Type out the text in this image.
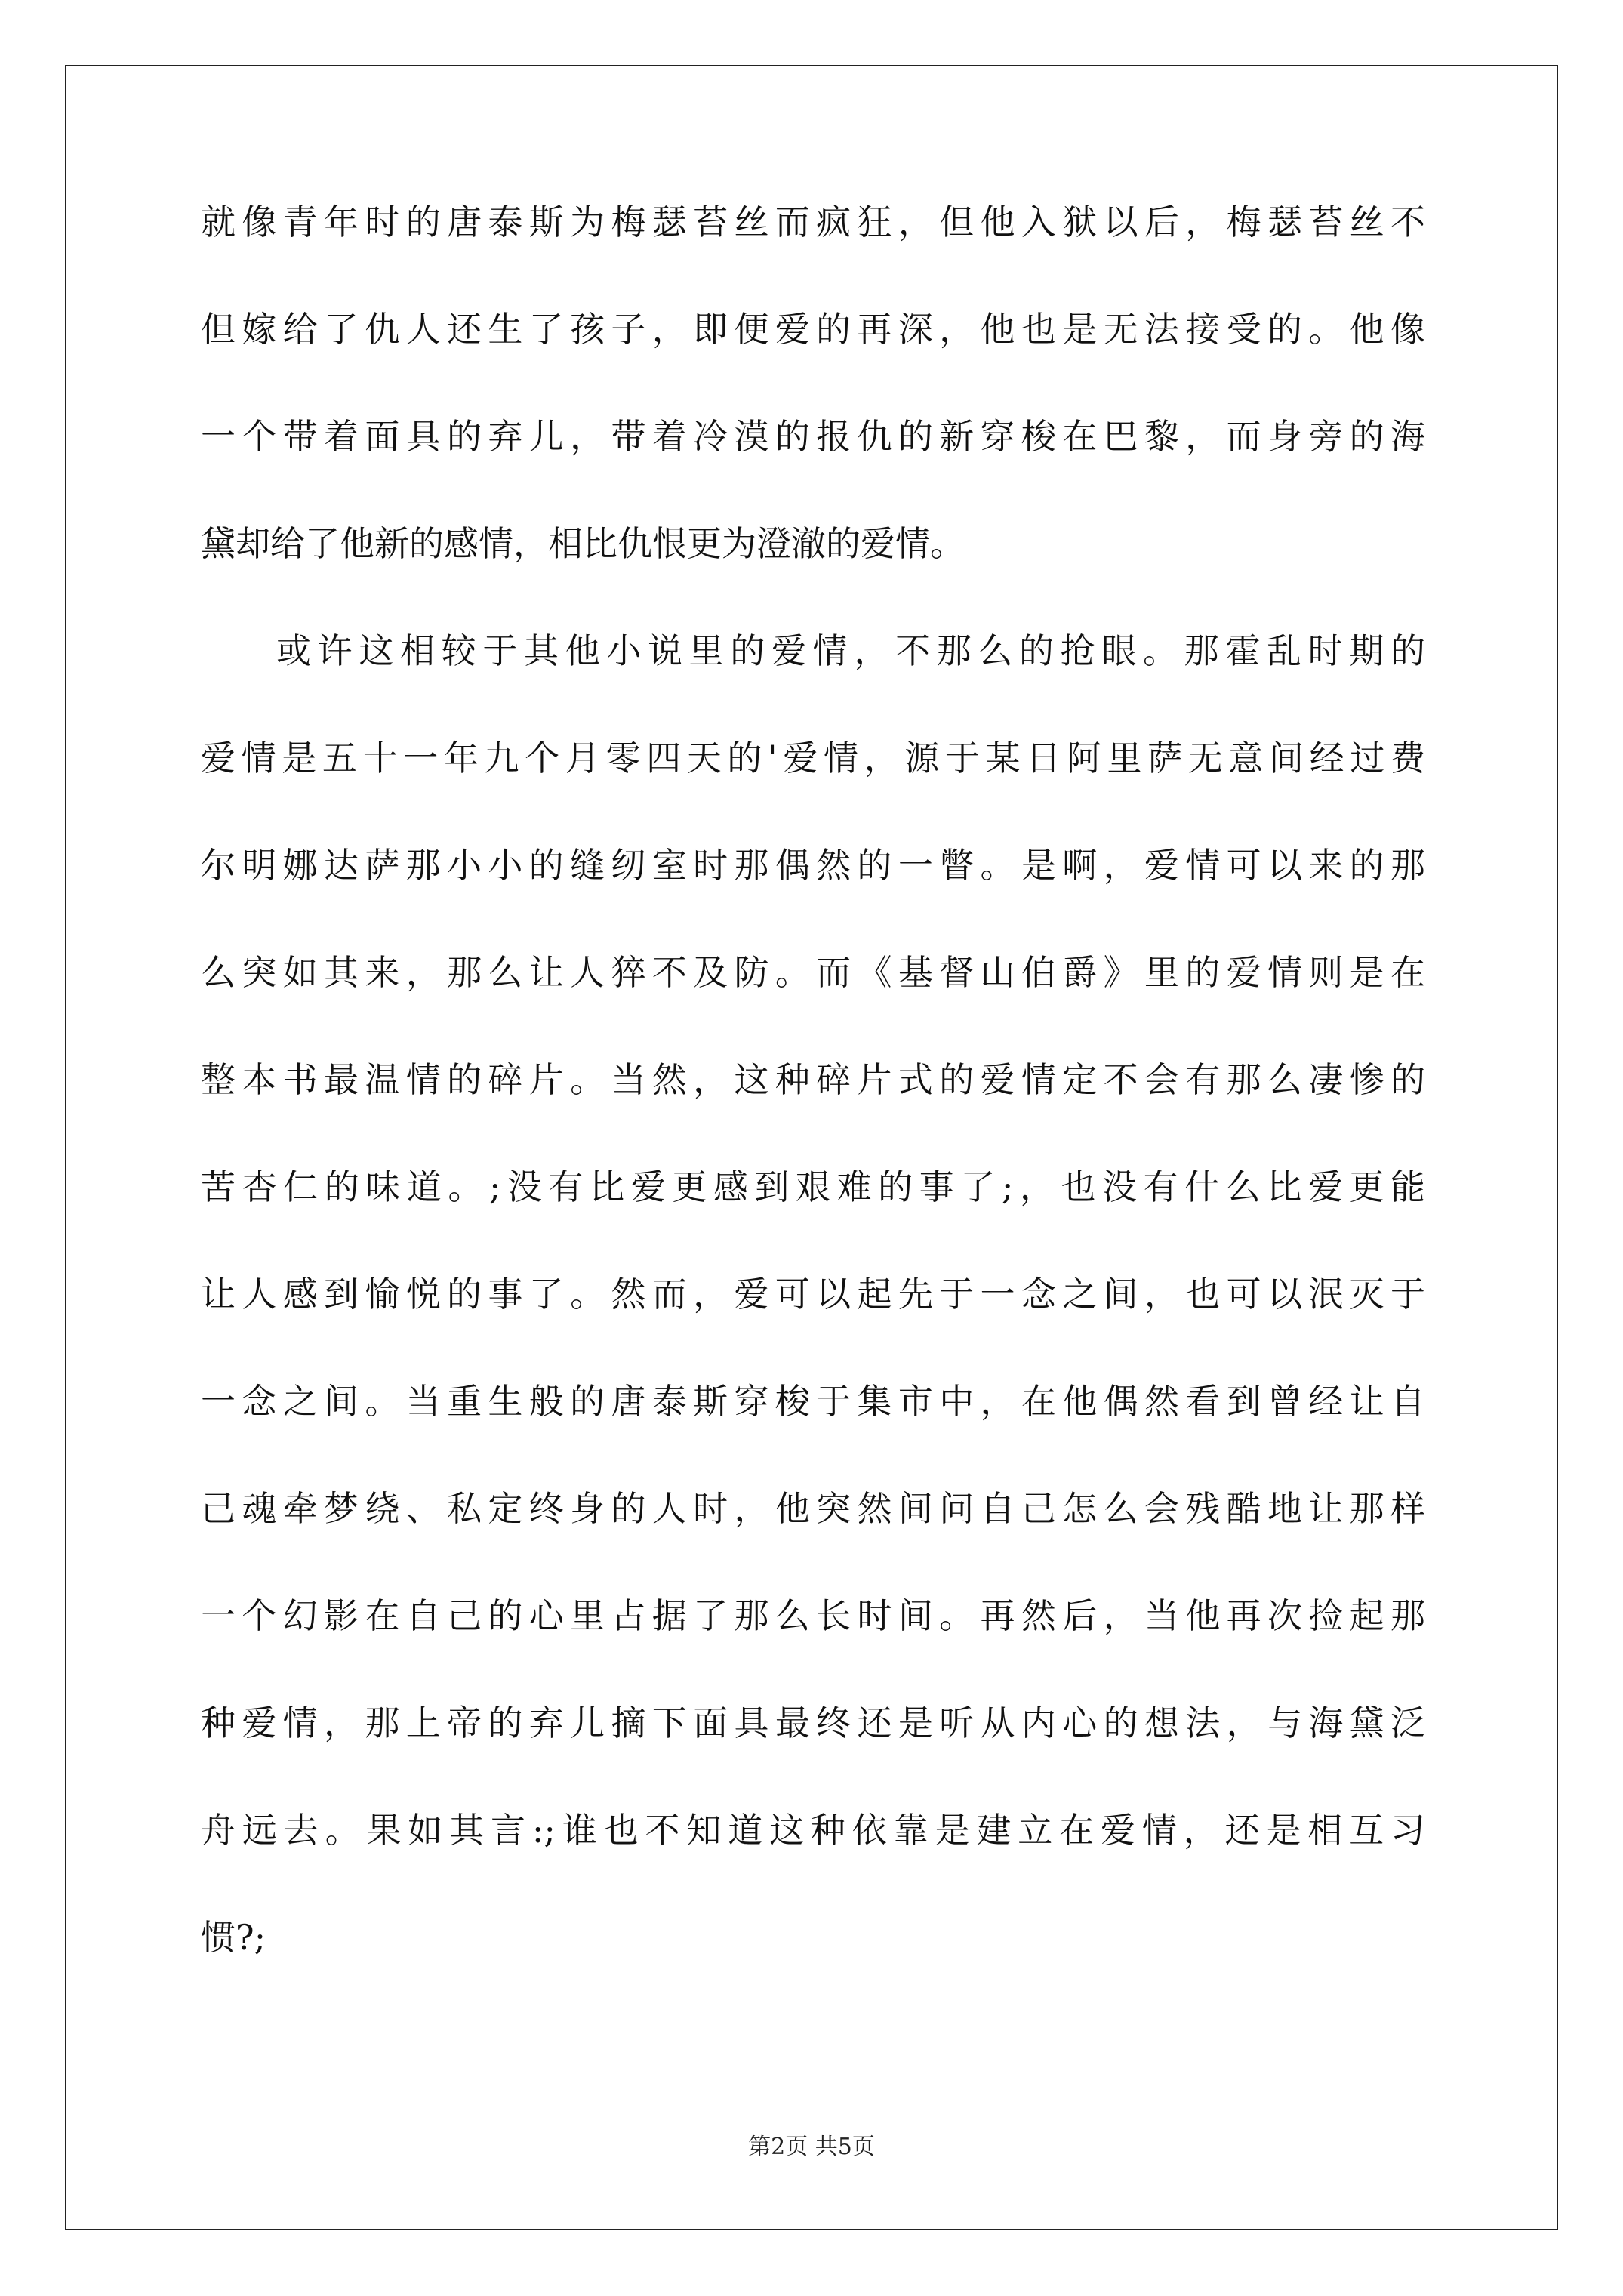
就像青年时的唐泰斯为梅瑟苔丝而疯狂，但他入狱以后，梅瑟苔丝不
但嫁给了仇人还生了孩子，即便爱的再深，他也是无法接受的。他像
一个带着面具的弃儿，带着冷漠的报仇的新穿梭在巴黎，而身旁的海
黛却给了他新的感情，相比仇恨更为澄澈的爱情。
或许这相较于其他小说里的爱情，不那么的抢眼。那霍乱时期的
爱情是五十一年九个月零四天的'爱情，源于某日阿里萨无意间经过费
尔明娜达萨那小小的缝纫室时那偶然的一瞥。是啊，爱情可以来的那
么突如其来，那么让人猝不及防。而《基督山伯爵》里的爱情则是在
整本书最温情的碎片。当然，这种碎片式的爱情定不会有那么凄惨的
苦杏仁的味道。;没有比爱更感到艰难的事了;，也没有什么比爱更能
让人感到愉悦的事了。然而，爱可以起先于一念之间，也可以泯灭于
一念之间。当重生般的唐泰斯穿梭于集市中，在他偶然看到曾经让自
己魂牵梦绕、私定终身的人时，他突然间问自己怎么会残酷地让那样
一个幻影在自己的心里占据了那么长时间。再然后，当他再次捡起那
种爱情，那上帝的弃儿摘下面具最终还是听从内心的想法，与海黛泛
舟远去。果如其言:;谁也不知道这种依靠是建立在爱情，还是相互习
惯?;
第2页 共5页
